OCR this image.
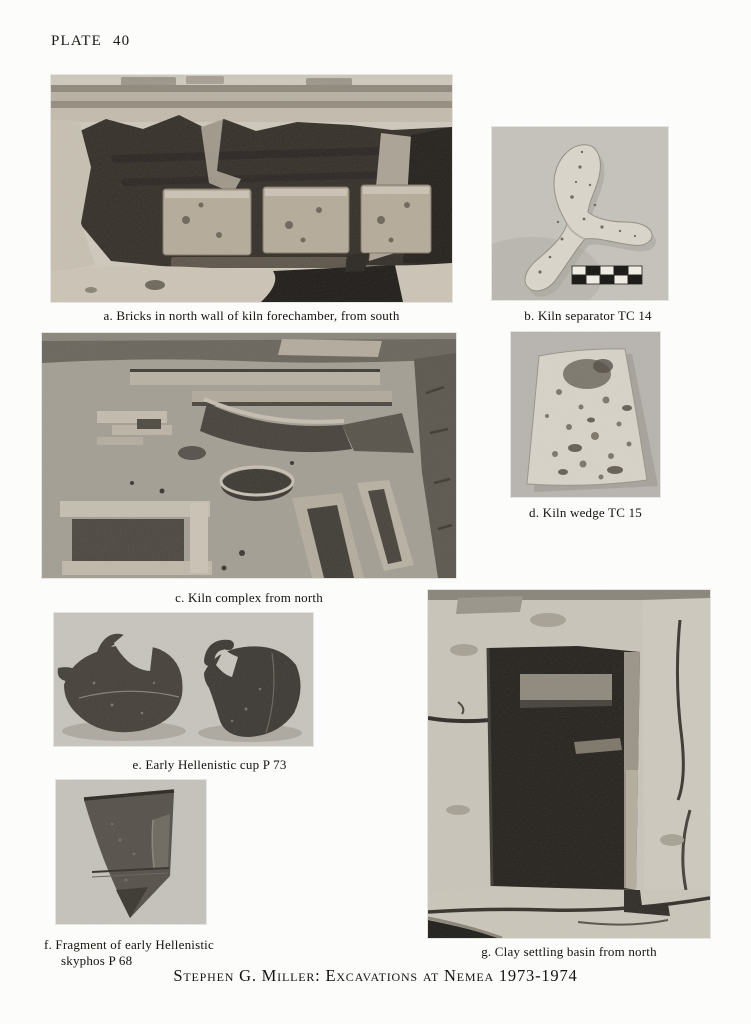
PLATE 40
a. Bricks in north wall of kiln forechamber, from south	b. Kiln separator TC 14
c. Kiln complex from north
d. Kiln wedge TC 15
e. Early Hellenistic cup P 73
f. Fragment of early Hellenistic
skyphos P 68
g. Clay settling basin from north
Stephen G. Miller: Excavations at Nemea 1973-1974
